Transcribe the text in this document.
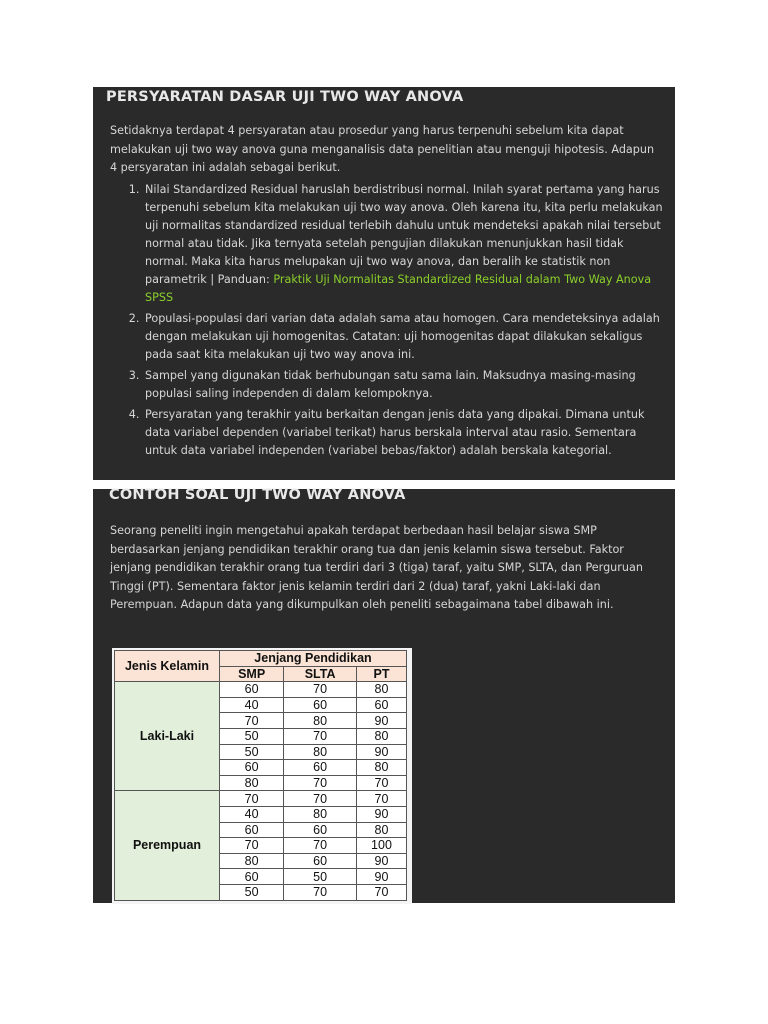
PERSYARATAN DASAR UJI TWO WAY ANOVA

Setidaknya terdapat 4 persyaratan atau prosedur yang harus terpenuhi sebelum kita dapat melakukan uji two way anova guna menganalisis data penelitian atau menguji hipotesis. Adapun 4 persyaratan ini adalah sebagai berikut.

1. Nilai Standardized Residual haruslah berdistribusi normal. Inilah syarat pertama yang harus terpenuhi sebelum kita melakukan uji two way anova. Oleh karena itu, kita perlu melakukan uji normalitas standardized residual terlebih dahulu untuk mendeteksi apakah nilai tersebut normal atau tidak. Jika ternyata setelah pengujian dilakukan menunjukkan hasil tidak normal. Maka kita harus melupakan uji two way anova, dan beralih ke statistik non parametrik | Panduan: Praktik Uji Normalitas Standardized Residual dalam Two Way Anova SPSS
2. Populasi-populasi dari varian data adalah sama atau homogen. Cara mendeteksinya adalah dengan melakukan uji homogenitas. Catatan: uji homogenitas dapat dilakukan sekaligus pada saat kita melakukan uji two way anova ini.
3. Sampel yang digunakan tidak berhubungan satu sama lain. Maksudnya masing-masing populasi saling independen di dalam kelompoknya.
4. Persyaratan yang terakhir yaitu berkaitan dengan jenis data yang dipakai. Dimana untuk data variabel dependen (variabel terikat) harus berskala interval atau rasio. Sementara untuk data variabel independen (variabel bebas/faktor) adalah berskala kategorial.
CONTOH SOAL UJI TWO WAY ANOVA

Seorang peneliti ingin mengetahui apakah terdapat berbedaan hasil belajar siswa SMP berdasarkan jenjang pendidikan terakhir orang tua dan jenis kelamin siswa tersebut. Faktor jenjang pendidikan terakhir orang tua terdiri dari 3 (tiga) taraf, yaitu SMP, SLTA, dan Perguruan Tinggi (PT). Sementara faktor jenis kelamin terdiri dari 2 (dua) taraf, yakni Laki-laki dan Perempuan. Adapun data yang dikumpulkan oleh peneliti sebagaimana tabel dibawah ini.

Jenis Kelamin	Jenjang Pendidikan		
	SMP	SLTA	PT
Laki-Laki	60	70	80
	40	60	60
	70	80	90
	50	70	80
	50	80	90
	60	60	80
	80	70	70
Perempuan	70	70	70
	40	80	90
	60	60	80
	70	70	100
	80	60	90
	60	50	90
	50	70	70
